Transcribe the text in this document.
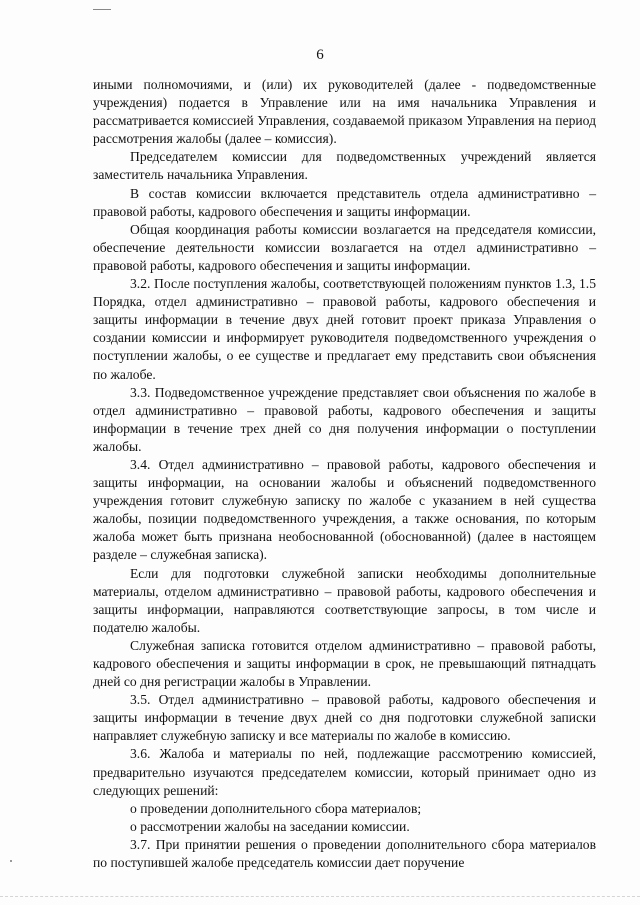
6

иными полномочиями, и (или) их руководителей (далее - подведомственные учреждения) подается в Управление или на имя начальника Управления и рассматривается комиссией Управления, создаваемой приказом Управления на период рассмотрения жалобы (далее – комиссия).

Председателем комиссии для подведомственных учреждений является заместитель начальника Управления.

В состав комиссии включается представитель отдела административно – правовой работы, кадрового обеспечения и защиты информации.

Общая координация работы комиссии возлагается на председателя комиссии, обеспечение деятельности комиссии возлагается на отдел административно – правовой работы, кадрового обеспечения и защиты информации.

3.2. После поступления жалобы, соответствующей положениям пунктов 1.3, 1.5 Порядка, отдел административно – правовой работы, кадрового обеспечения и защиты информации в течение двух дней готовит проект приказа Управления о создании комиссии и информирует руководителя подведомственного учреждения о поступлении жалобы, о ее существе и предлагает ему представить свои объяснения по жалобе.

3.3. Подведомственное учреждение представляет свои объяснения по жалобе в отдел административно – правовой работы, кадрового обеспечения и защиты информации в течение трех дней со дня получения информации о поступлении жалобы.

3.4. Отдел административно – правовой работы, кадрового обеспечения и защиты информации, на основании жалобы и объяснений подведомственного учреждения готовит служебную записку по жалобе с указанием в ней существа жалобы, позиции подведомственного учреждения, а также основания, по которым жалоба может быть признана необоснованной (обоснованной) (далее в настоящем разделе – служебная записка).

Если для подготовки служебной записки необходимы дополнительные материалы, отделом административно – правовой работы, кадрового обеспечения и защиты информации, направляются соответствующие запросы, в том числе и подателю жалобы.

Служебная записка готовится отделом административно – правовой работы, кадрового обеспечения и защиты информации в срок, не превышающий пятнадцать дней со дня регистрации жалобы в Управлении.

3.5. Отдел административно – правовой работы, кадрового обеспечения и защиты информации в течение двух дней со дня подготовки служебной записки направляет служебную записку и все материалы по жалобе в комиссию.

3.6. Жалоба и материалы по ней, подлежащие рассмотрению комиссией, предварительно изучаются председателем комиссии, который принимает одно из следующих решений:

о проведении дополнительного сбора материалов;

о рассмотрении жалобы на заседании комиссии.

3.7. При принятии решения о проведении дополнительного сбора материалов по поступившей жалобе председатель комиссии дает поручение
